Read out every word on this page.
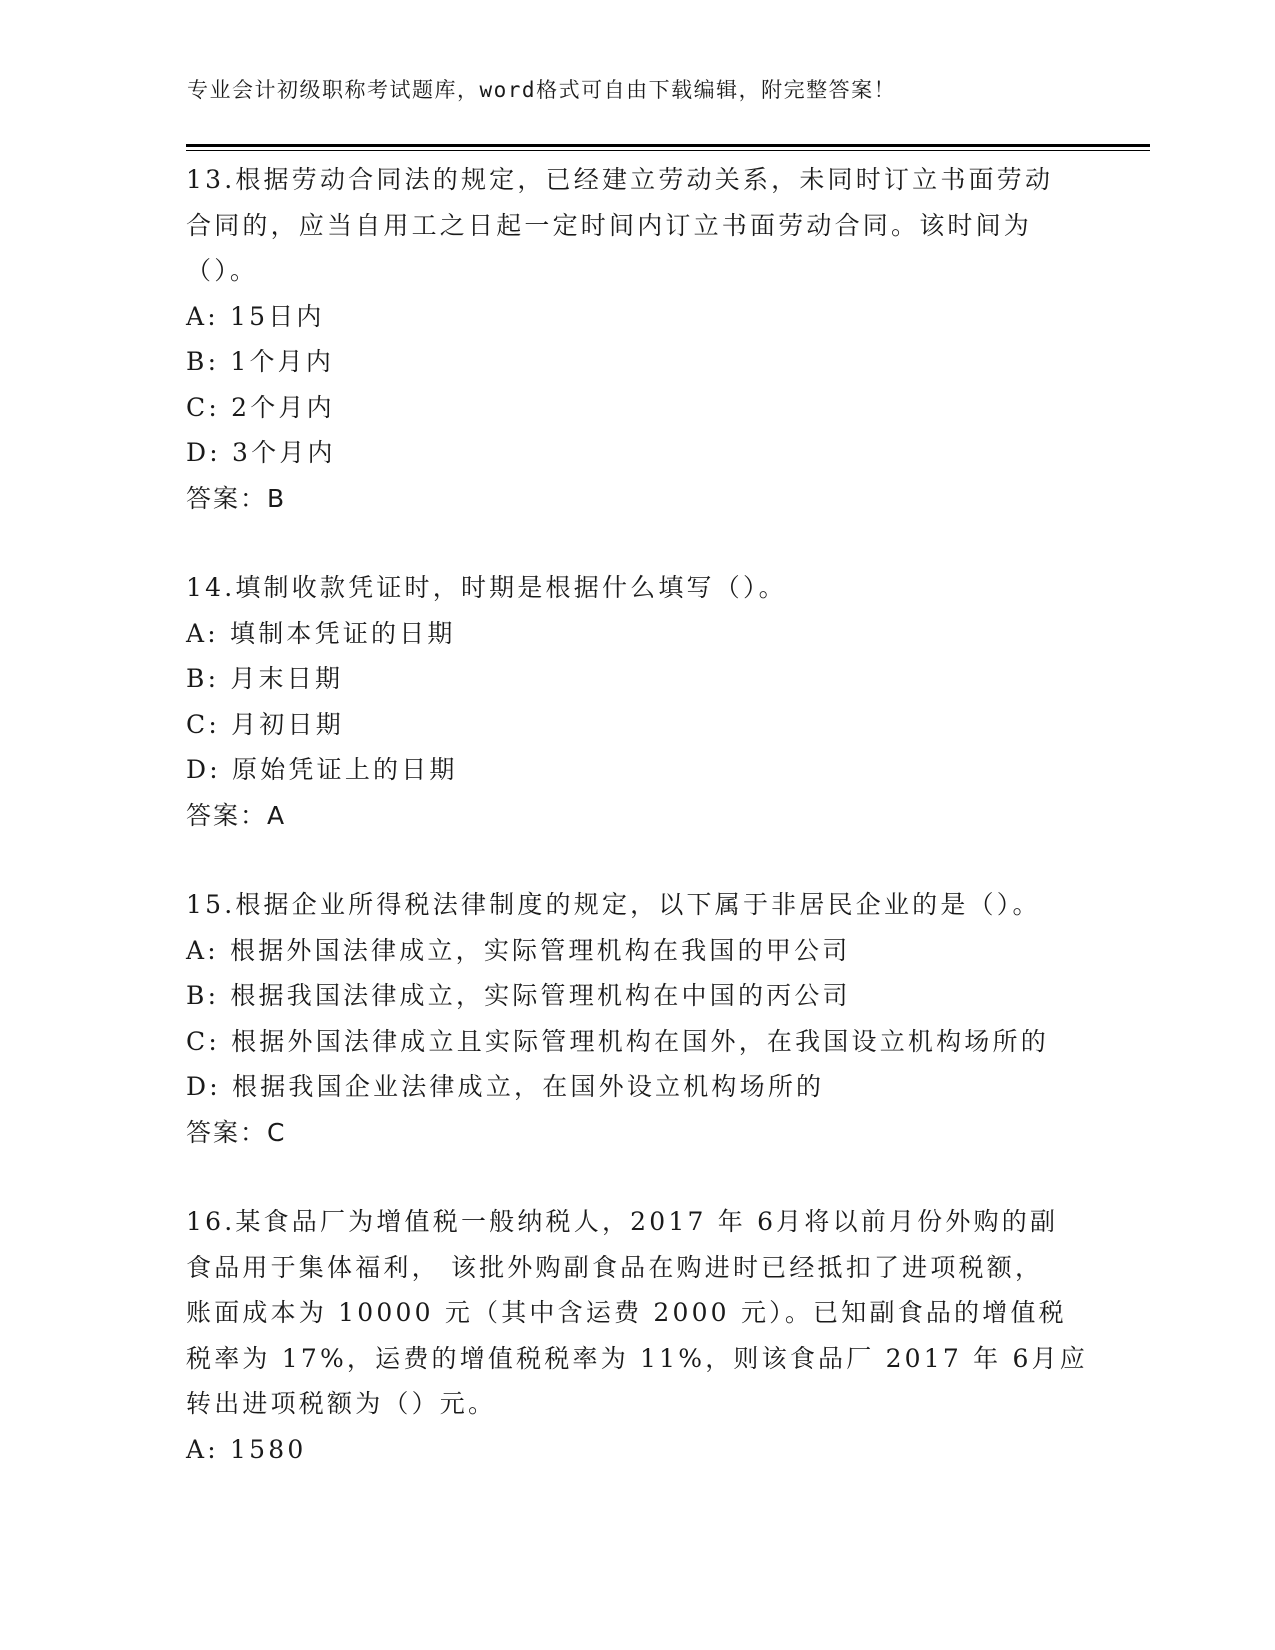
专业会计初级职称考试题库，word格式可自由下载编辑，附完整答案！
13.根据劳动合同法的规定，已经建立劳动关系，未同时订立书面劳动
合同的，应当自用工之日起一定时间内订立书面劳动合同。该时间为
（）。
A: 15日内
B: 1个月内
C: 2个月内
D: 3个月内
答案：B
14.填制收款凭证时，时期是根据什么填写（）。
A: 填制本凭证的日期
B: 月末日期
C: 月初日期
D: 原始凭证上的日期
答案：A
15.根据企业所得税法律制度的规定，以下属于非居民企业的是（）。
A: 根据外国法律成立，实际管理机构在我国的甲公司
B: 根据我国法律成立，实际管理机构在中国的丙公司
C: 根据外国法律成立且实际管理机构在国外，在我国设立机构场所的
D: 根据我国企业法律成立，在国外设立机构场所的
答案：C
16.某食品厂为增值税一般纳税人，2017 年 6月将以前月份外购的副
食品用于集体福利， 该批外购副食品在购进时已经抵扣了进项税额，
账面成本为 10000 元（其中含运费 2000 元）。已知副食品的增值税
税率为 17%，运费的增值税税率为 11%，则该食品厂 2017 年 6月应
转出进项税额为（）元。
A: 1580
